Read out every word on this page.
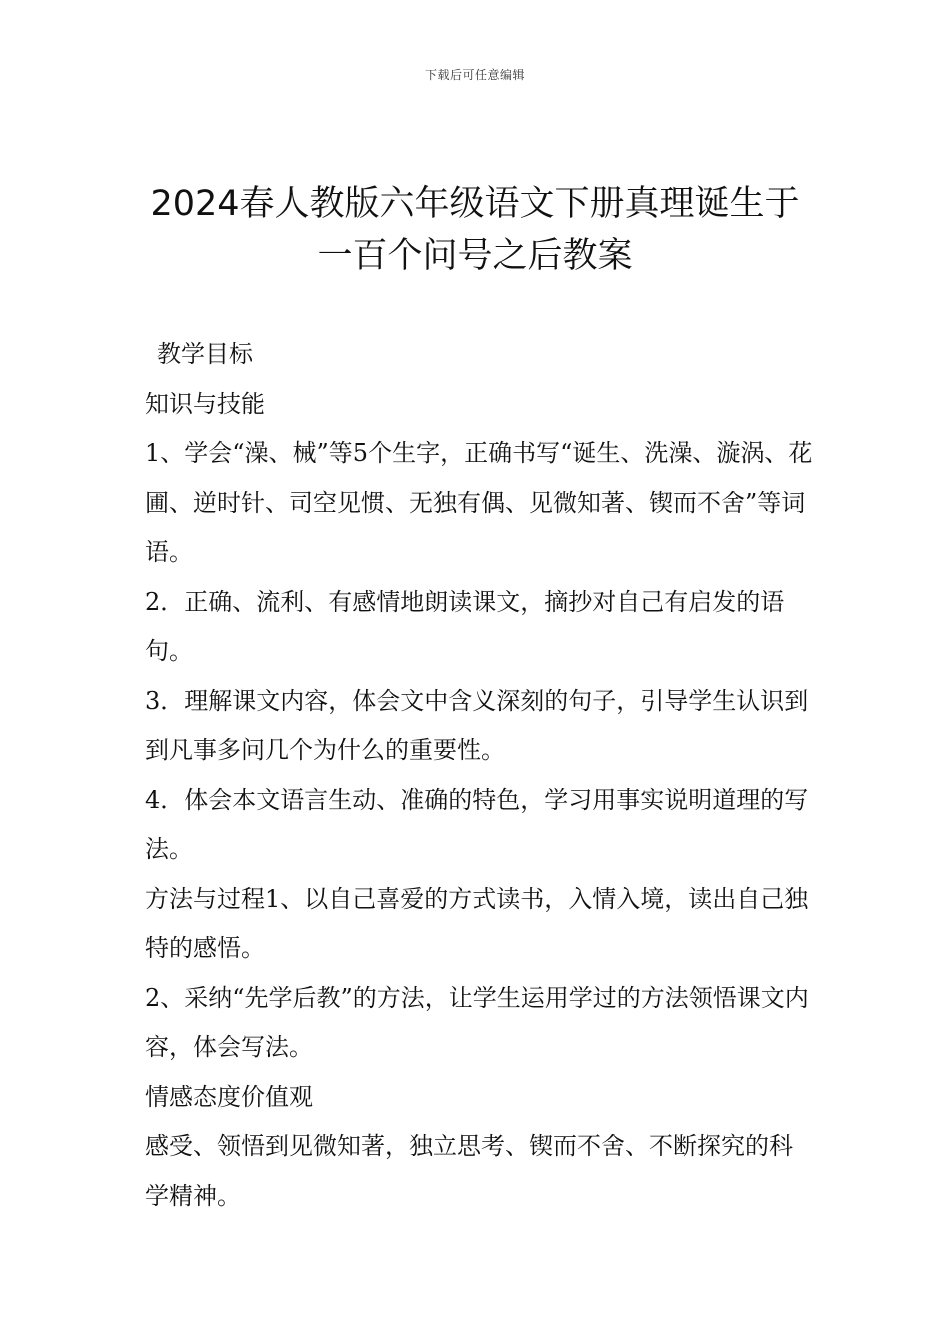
下载后可任意编辑
2024春人教版六年级语文下册真理诞生于
一百个问号之后教案

教学目标

知识与技能

1、学会“澡、械”等5个生字，正确书写“诞生、洗澡、漩涡、花圃、逆时针、司空见惯、无独有偶、见微知著、锲而不舍”等词语。

2．正确、流利、有感情地朗读课文，摘抄对自己有启发的语句。

3．理解课文内容，体会文中含义深刻的句子，引导学生认识到到凡事多问几个为什么的重要性。

4．体会本文语言生动、准确的特色，学习用事实说明道理的写法。

方法与过程1、以自己喜爱的方式读书，入情入境，读出自己独特的感悟。

2、采纳“先学后教”的方法，让学生运用学过的方法领悟课文内容，体会写法。

情感态度价值观

感受、领悟到见微知著，独立思考、锲而不舍、不断探究的科学精神。
